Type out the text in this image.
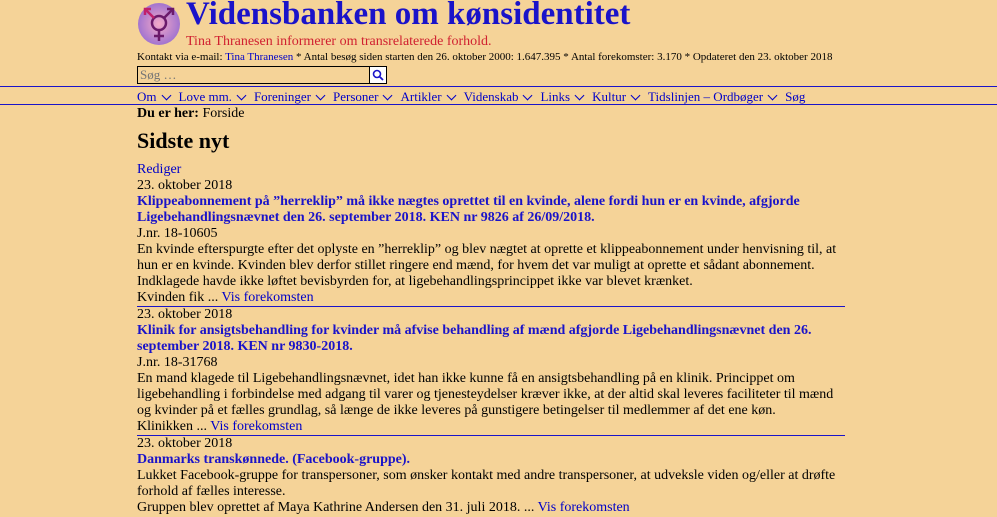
Vidensbanken om kønsidentitet
Tina Thranesen informerer om transrelaterede forhold.
Kontakt via e-mail: Tina Thranesen * Antal besøg siden starten den 26. oktober 2000: 1.647.395 * Antal forekomster: 3.170 * Opdateret den 23. oktober 2018
Søg …
Om Love mm. Foreninger Personer Artikler Videnskab Links Kultur Tidslinjen – Ordbøger Søg
Du er her: Forside
Sidste nyt
Rediger
23. oktober 2018
Klippeabonnement på ”herreklip” må ikke nægtes oprettet til en kvinde, alene fordi hun er en kvinde, afgjorde Ligebehandlingsnævnet den 26. september 2018. KEN nr 9826 af 26/09/2018.
J.nr. 18-10605
En kvinde efterspurgte efter det oplyste en ”herreklip” og blev nægtet at oprette et klippeabonnement under henvisning til, at hun er en kvinde. Kvinden blev derfor stillet ringere end mænd, for hvem det var muligt at oprette et sådant abonnement. Indklagede havde ikke løftet bevisbyrden for, at ligebehandlingsprincippet ikke var blevet krænket.
Kvinden fik ... Vis forekomsten
23. oktober 2018
Klinik for ansigtsbehandling for kvinder må afvise behandling af mænd afgjorde Ligebehandlingsnævnet den 26. september 2018. KEN nr 9830-2018.
J.nr. 18-31768
En mand klagede til Ligebehandlingsnævnet, idet han ikke kunne få en ansigtsbehandling på en klinik. Princippet om ligebehandling i forbindelse med adgang til varer og tjenesteydelser kræver ikke, at der altid skal leveres faciliteter til mænd og kvinder på et fælles grundlag, så længe de ikke leveres på gunstigere betingelser til medlemmer af det ene køn.
Klinikken ... Vis forekomsten
23. oktober 2018
Danmarks transkønnede. (Facebook-gruppe).
Lukket Facebook-gruppe for transpersoner, som ønsker kontakt med andre transpersoner, at udveksle viden og/eller at drøfte forhold af fælles interesse.
Gruppen blev oprettet af Maya Kathrine Andersen den 31. juli 2018. ... Vis forekomsten
